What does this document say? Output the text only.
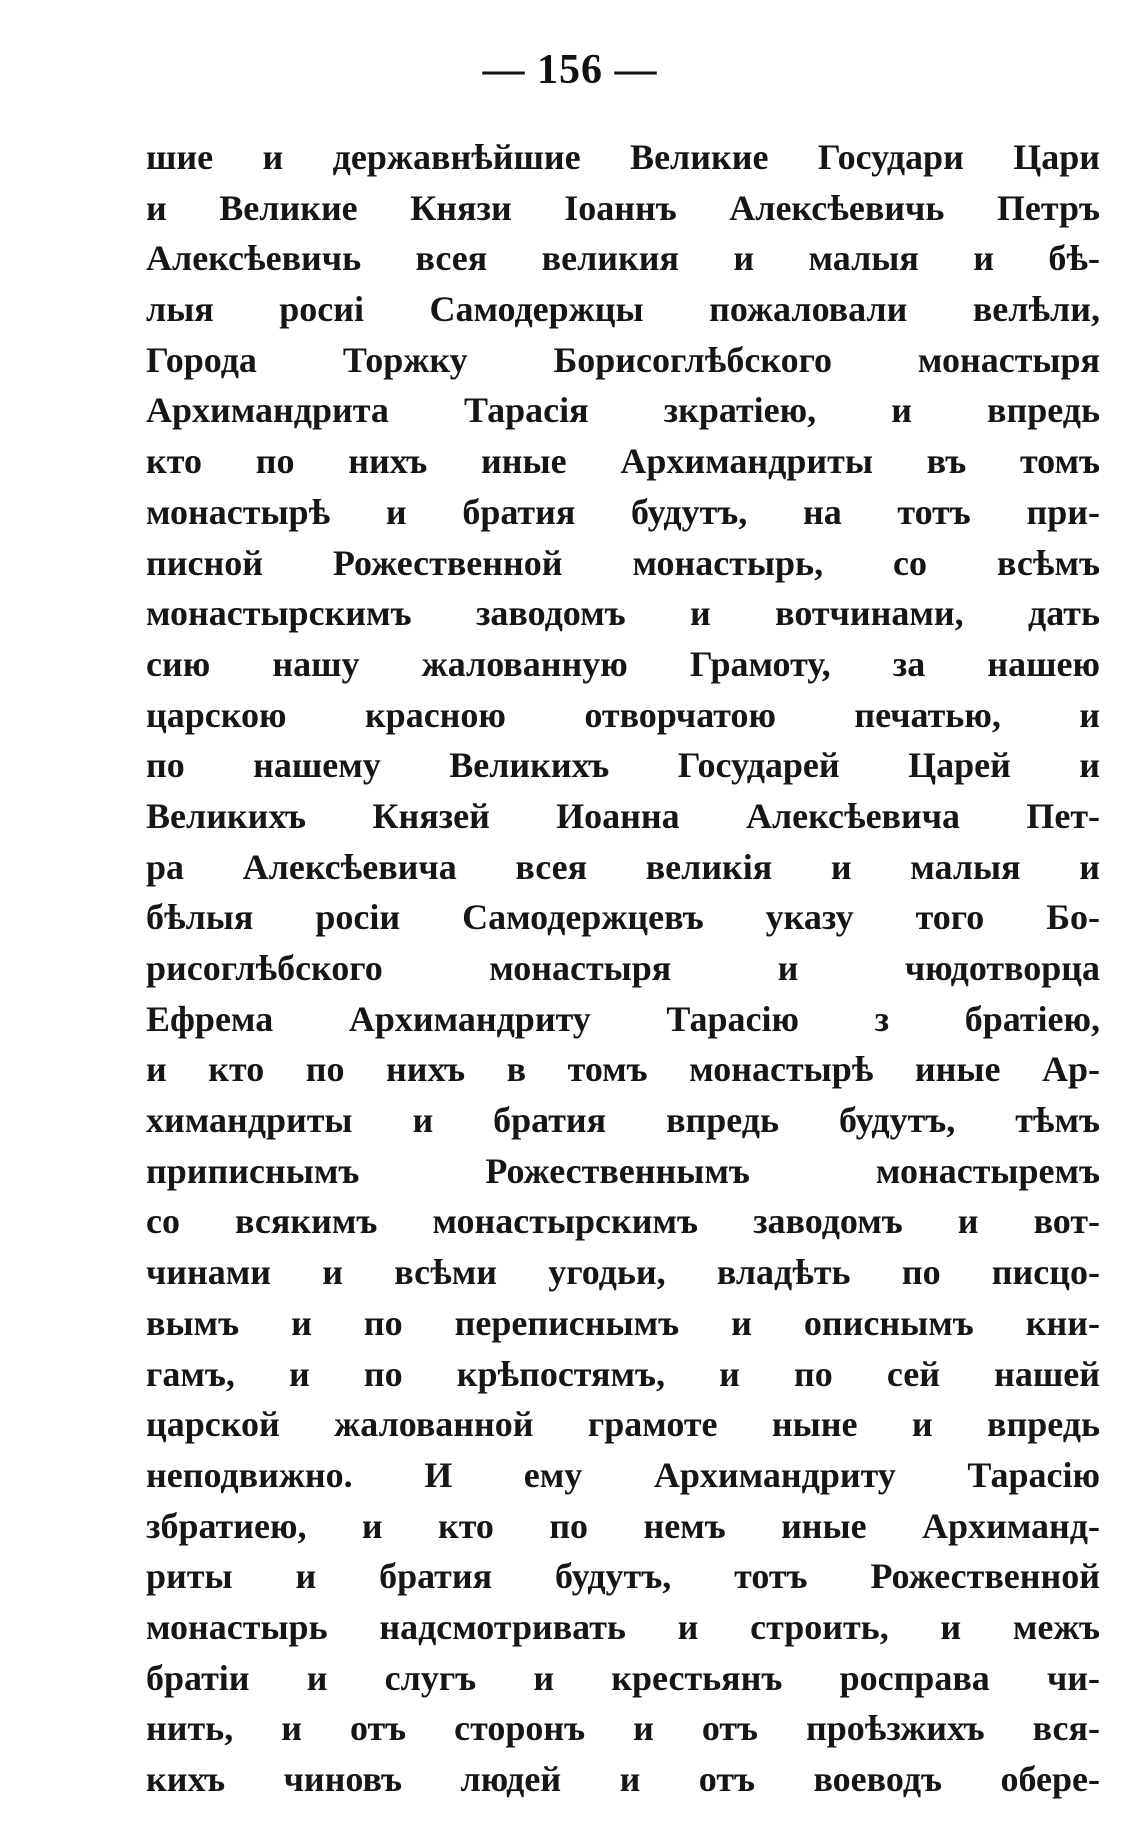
— 156 —
шие и державнѣйшие Великие Государи Цари
и Великие Князи Іоаннъ Алексѣевичь Петръ
Алексѣевичь всея великия и малыя и бѣ-
лыя росиі Самодержцы пожаловали велѣли,
Города Торжку Борисоглѣбского монастыря
Архимандрита Тарасія зкратіею, и впредь
кто по нихъ иные Архимандриты въ томъ
монастырѣ и братия будутъ, на тотъ при-
писной Рожественной монастырь, со всѣмъ
монастырскимъ заводомъ и вотчинами, дать
сию нашу жалованную Грамоту, за нашею
царскою красною отворчатою печатью, и
по нашему Великихъ Государей Царей и
Великихъ Князей Иоанна Алексѣевича Пет-
ра Алексѣевича всея великія и малыя и
бѣлыя росіи Самодержцевъ указу того Бо-
рисоглѣбского монастыря и чюдотворца
Ефрема Архимандриту Тарасію з братіею,
и кто по нихъ в томъ монастырѣ иные Ар-
химандриты и братия впредь будутъ, тѣмъ
приписнымъ Рожественнымъ монастыремъ
со всякимъ монастырскимъ заводомъ и вот-
чинами и всѣми угодьи, владѣть по писцо-
вымъ и по переписнымъ и описнымъ кни-
гамъ, и по крѣпостямъ, и по сей нашей
царской жалованной грамоте ныне и впредь
неподвижно. И ему Архимандриту Тарасію
збратиею, и кто по немъ иные Архиманд-
риты и братия будутъ, тотъ Рожественной
монастырь надсмотривать и строить, и межъ
братіи и слугъ и крестьянъ росправа чи-
нить, и отъ сторонъ и отъ проѣзжихъ вся-
кихъ чиновъ людей и отъ воеводъ обере-
